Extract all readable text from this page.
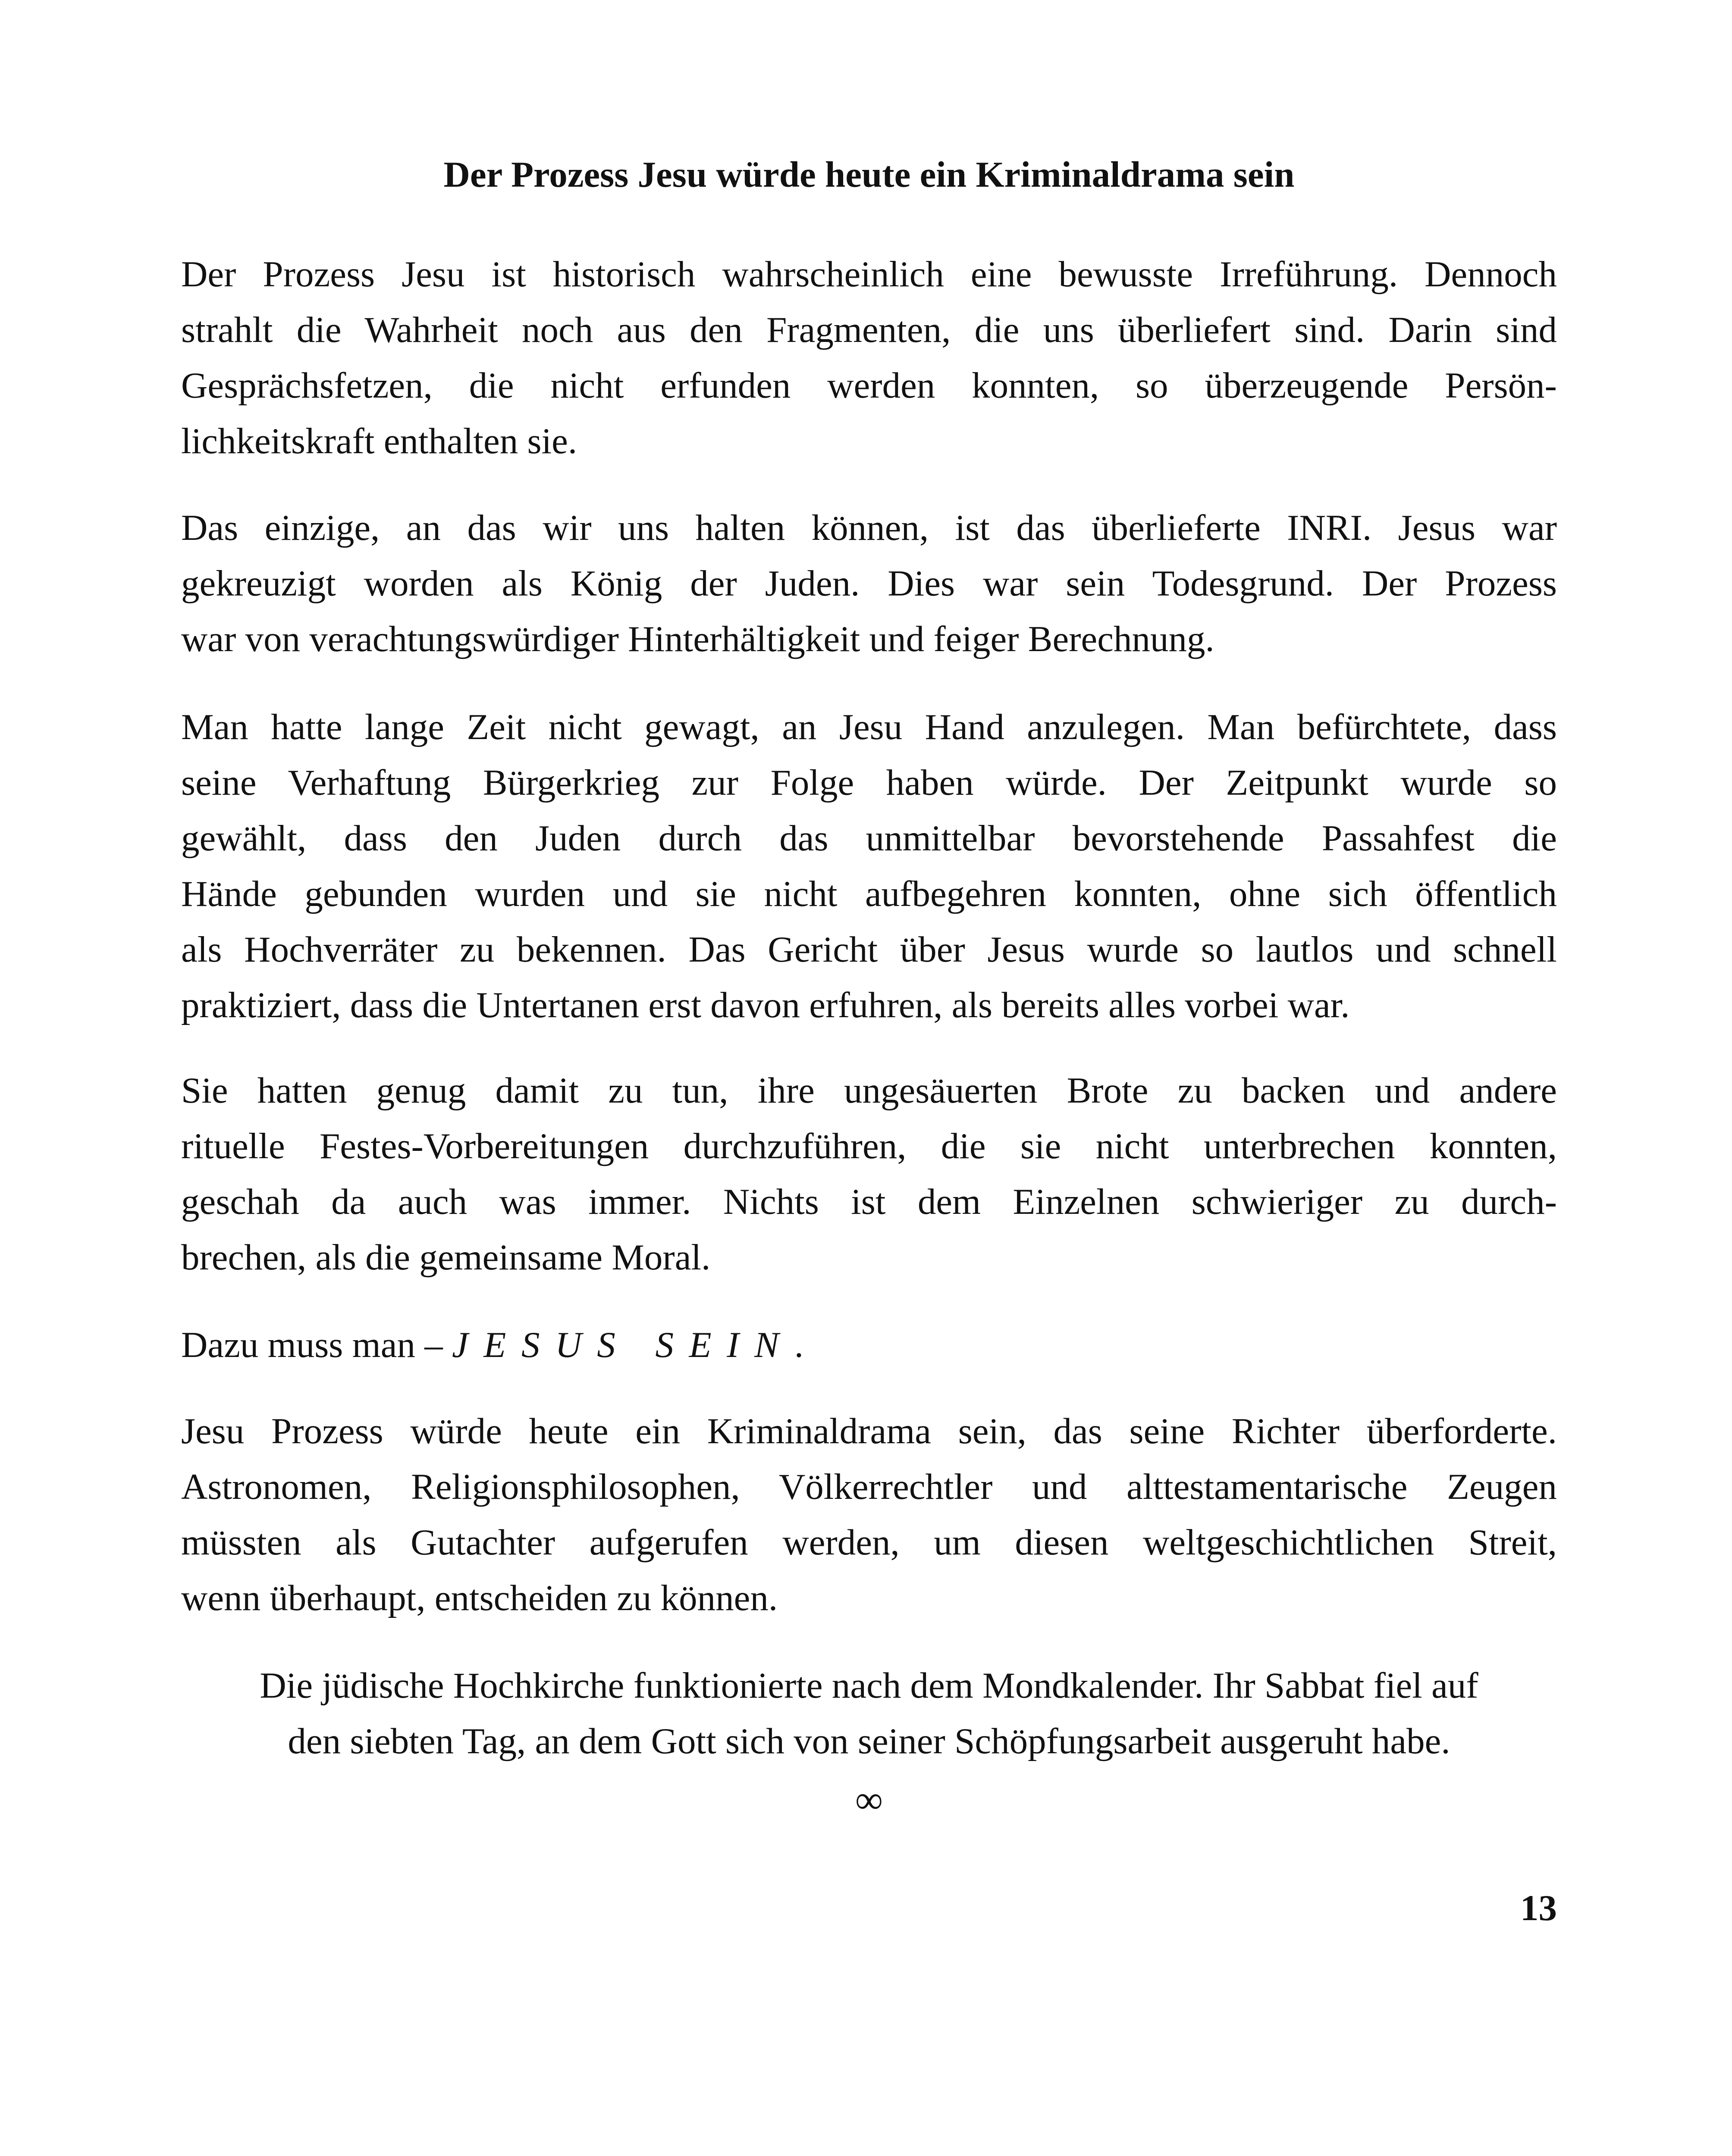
Der Prozess Jesu würde heute ein Kriminaldrama sein

Der Prozess Jesu ist historisch wahrscheinlich eine bewusste Irreführung. Dennoch
strahlt die Wahrheit noch aus den Fragmenten, die uns überliefert sind. Darin sind
Gesprächsfetzen, die nicht erfunden werden konnten, so überzeugende Persön-
lichkeitskraft enthalten sie.

Das einzige, an das wir uns halten können, ist das überlieferte INRI. Jesus war
gekreuzigt worden als König der Juden. Dies war sein Todesgrund. Der Prozess
war von verachtungswürdiger Hinterhältigkeit und feiger Berechnung.

Man hatte lange Zeit nicht gewagt, an Jesu Hand anzulegen. Man befürchtete, dass
seine Verhaftung Bürgerkrieg zur Folge haben würde. Der Zeitpunkt wurde so
gewählt, dass den Juden durch das unmittelbar bevorstehende Passahfest die
Hände gebunden wurden und sie nicht aufbegehren konnten, ohne sich öffentlich
als Hochverräter zu bekennen. Das Gericht über Jesus wurde so lautlos und schnell
praktiziert, dass die Untertanen erst davon erfuhren, als bereits alles vorbei war.

Sie hatten genug damit zu tun, ihre ungesäuerten Brote zu backen und andere
rituelle Festes-Vorbereitungen durchzuführen, die sie nicht unterbrechen konnten,
geschah da auch was immer. Nichts ist dem Einzelnen schwieriger zu durch-
brechen, als die gemeinsame Moral.

Dazu muss man – JESUS SEIN.

Jesu Prozess würde heute ein Kriminaldrama sein, das seine Richter überforderte.
Astronomen, Religionsphilosophen, Völkerrechtler und alttestamentarische Zeugen
müssten als Gutachter aufgerufen werden, um diesen weltgeschichtlichen Streit,
wenn überhaupt, entscheiden zu können.

Die jüdische Hochkirche funktionierte nach dem Mondkalender. Ihr Sabbat fiel auf
den siebten Tag, an dem Gott sich von seiner Schöpfungsarbeit ausgeruht habe.

∞
13
